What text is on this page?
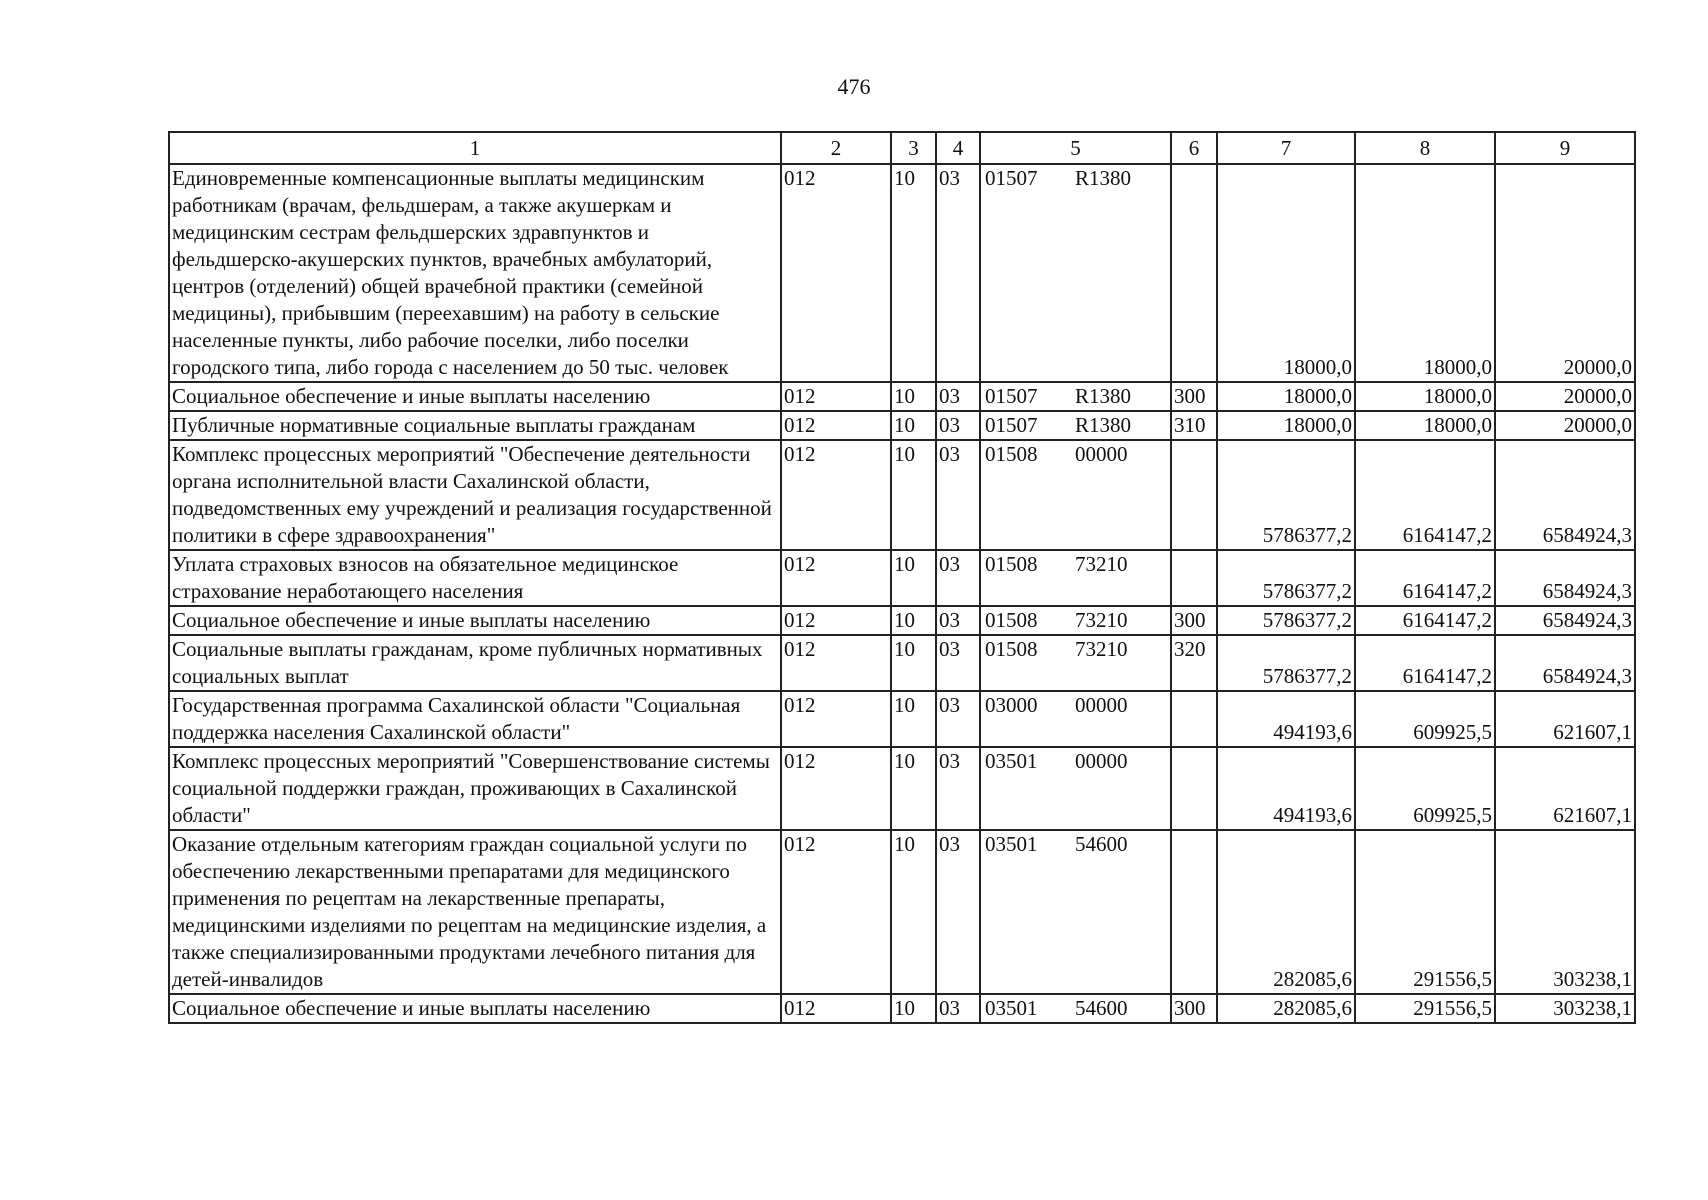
476
1	2	3	4	5	6	7	8	9
Единовременные компенсационные выплаты медицинским работникам (врачам, фельдшерам, а также акушеркам и медицинским сестрам фельдшерских здравпунктов и фельдшерско-акушерских пунктов, врачебных амбулаторий, центров (отделений) общей врачебной практики (семейной медицины), прибывшим (переехавшим) на работу в сельские населенные пункты, либо рабочие поселки, либо поселки городского типа, либо города с населением до 50 тыс. человек	012	10	03	01507 R1380		18000,0	18000,0	20000,0
Социальное обеспечение и иные выплаты населению	012	10	03	01507 R1380	300	18000,0	18000,0	20000,0
Публичные нормативные социальные выплаты гражданам	012	10	03	01507 R1380	310	18000,0	18000,0	20000,0
Комплекс процессных мероприятий "Обеспечение деятельности органа исполнительной власти Сахалинской области, подведомственных ему учреждений и реализация государственной политики в сфере здравоохранения"	012	10	03	01508 00000		5786377,2	6164147,2	6584924,3
Уплата страховых взносов на обязательное медицинское страхование неработающего населения	012	10	03	01508 73210		5786377,2	6164147,2	6584924,3
Социальное обеспечение и иные выплаты населению	012	10	03	01508 73210	300	5786377,2	6164147,2	6584924,3
Социальные выплаты гражданам, кроме публичных нормативных социальных выплат	012	10	03	01508 73210	320	5786377,2	6164147,2	6584924,3
Государственная программа Сахалинской области "Социальная поддержка населения Сахалинской области"	012	10	03	03000 00000		494193,6	609925,5	621607,1
Комплекс процессных мероприятий "Совершенствование системы социальной поддержки граждан, проживающих в Сахалинской области"	012	10	03	03501 00000		494193,6	609925,5	621607,1
Оказание отдельным категориям граждан социальной услуги по обеспечению лекарственными препаратами для медицинского применения по рецептам на лекарственные препараты, медицинскими изделиями по рецептам на медицинские изделия, а также специализированными продуктами лечебного питания для детей-инвалидов	012	10	03	03501 54600		282085,6	291556,5	303238,1
Социальное обеспечение и иные выплаты населению	012	10	03	03501 54600	300	282085,6	291556,5	303238,1
